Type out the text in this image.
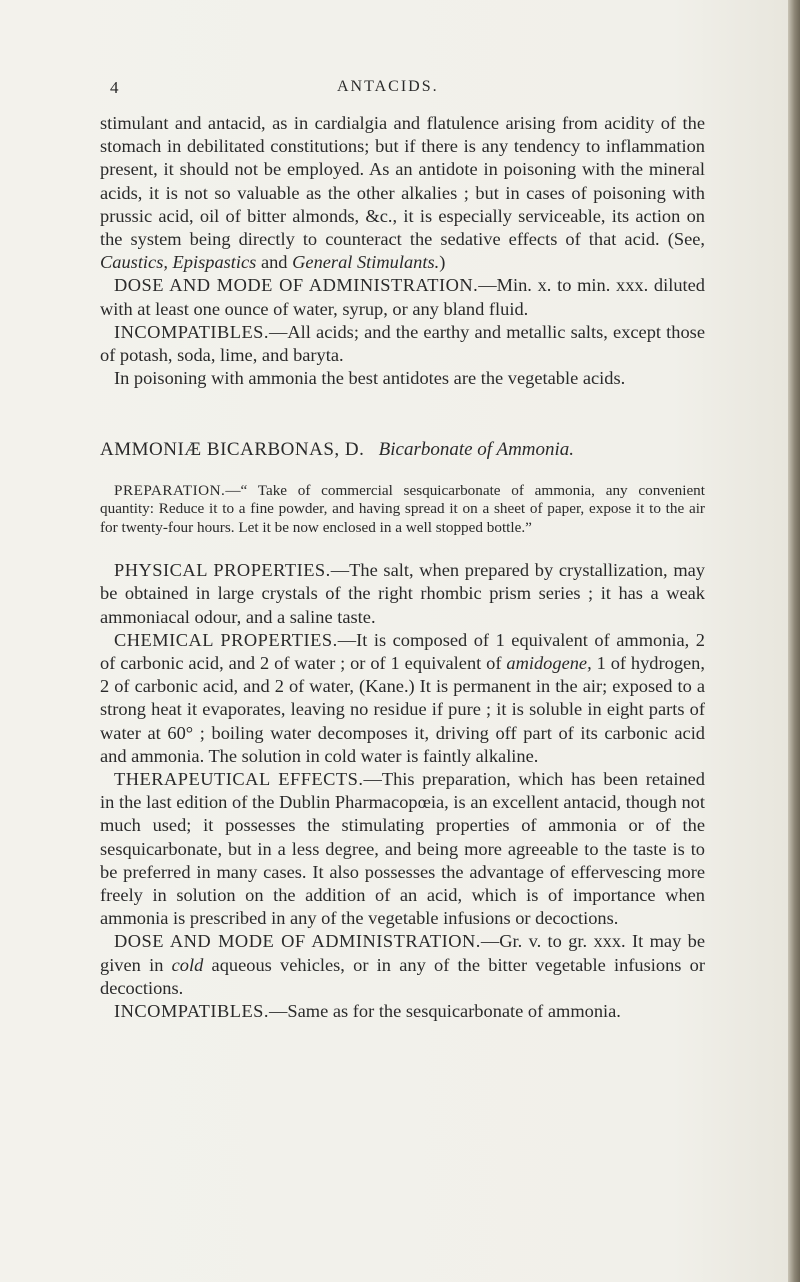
4	ANTACIDS.

stimulant and antacid, as in cardialgia and flatulence arising from acidity of the stomach in debilitated constitutions; but if there is any tendency to inflammation present, it should not be employed. As an antidote in poisoning with the mineral acids, it is not so valuable as the other alkalies ; but in cases of poisoning with prussic acid, oil of bitter almonds, &c., it is especially serviceable, its action on the system being directly to counteract the sedative effects of that acid. (See, Caustics, Epispastics and General Stimulants.)

DOSE AND MODE OF ADMINISTRATION.—Min. x. to min. xxx. diluted with at least one ounce of water, syrup, or any bland fluid.

INCOMPATIBLES.—All acids; and the earthy and metallic salts, except those of potash, soda, lime, and baryta.

In poisoning with ammonia the best antidotes are the vegetable acids.

AMMONIÆ BICARBONAS, D. Bicarbonate of Ammonia.

PREPARATION.—“ Take of commercial sesquicarbonate of ammonia, any convenient quantity: Reduce it to a fine powder, and having spread it on a sheet of paper, expose it to the air for twenty-four hours. Let it be now enclosed in a well stopped bottle.”

PHYSICAL PROPERTIES.—The salt, when prepared by crystallization, may be obtained in large crystals of the right rhombic prism series ; it has a weak ammoniacal odour, and a saline taste.

CHEMICAL PROPERTIES.—It is composed of 1 equivalent of ammonia, 2 of carbonic acid, and 2 of water ; or of 1 equivalent of amidogene, 1 of hydrogen, 2 of carbonic acid, and 2 of water, (Kane.) It is permanent in the air; exposed to a strong heat it evaporates, leaving no residue if pure ; it is soluble in eight parts of water at 60° ; boiling water decomposes it, driving off part of its carbonic acid and ammonia. The solution in cold water is faintly alkaline.

THERAPEUTICAL EFFECTS.—This preparation, which has been retained in the last edition of the Dublin Pharmacopœia, is an excellent antacid, though not much used; it possesses the stimulating properties of ammonia or of the sesquicarbonate, but in a less degree, and being more agreeable to the taste is to be preferred in many cases. It also possesses the advantage of effervescing more freely in solution on the addition of an acid, which is of importance when ammonia is prescribed in any of the vegetable infusions or decoctions.

DOSE AND MODE OF ADMINISTRATION.—Gr. v. to gr. xxx. It may be given in cold aqueous vehicles, or in any of the bitter vegetable infusions or decoctions.

INCOMPATIBLES.—Same as for the sesquicarbonate of ammonia.
